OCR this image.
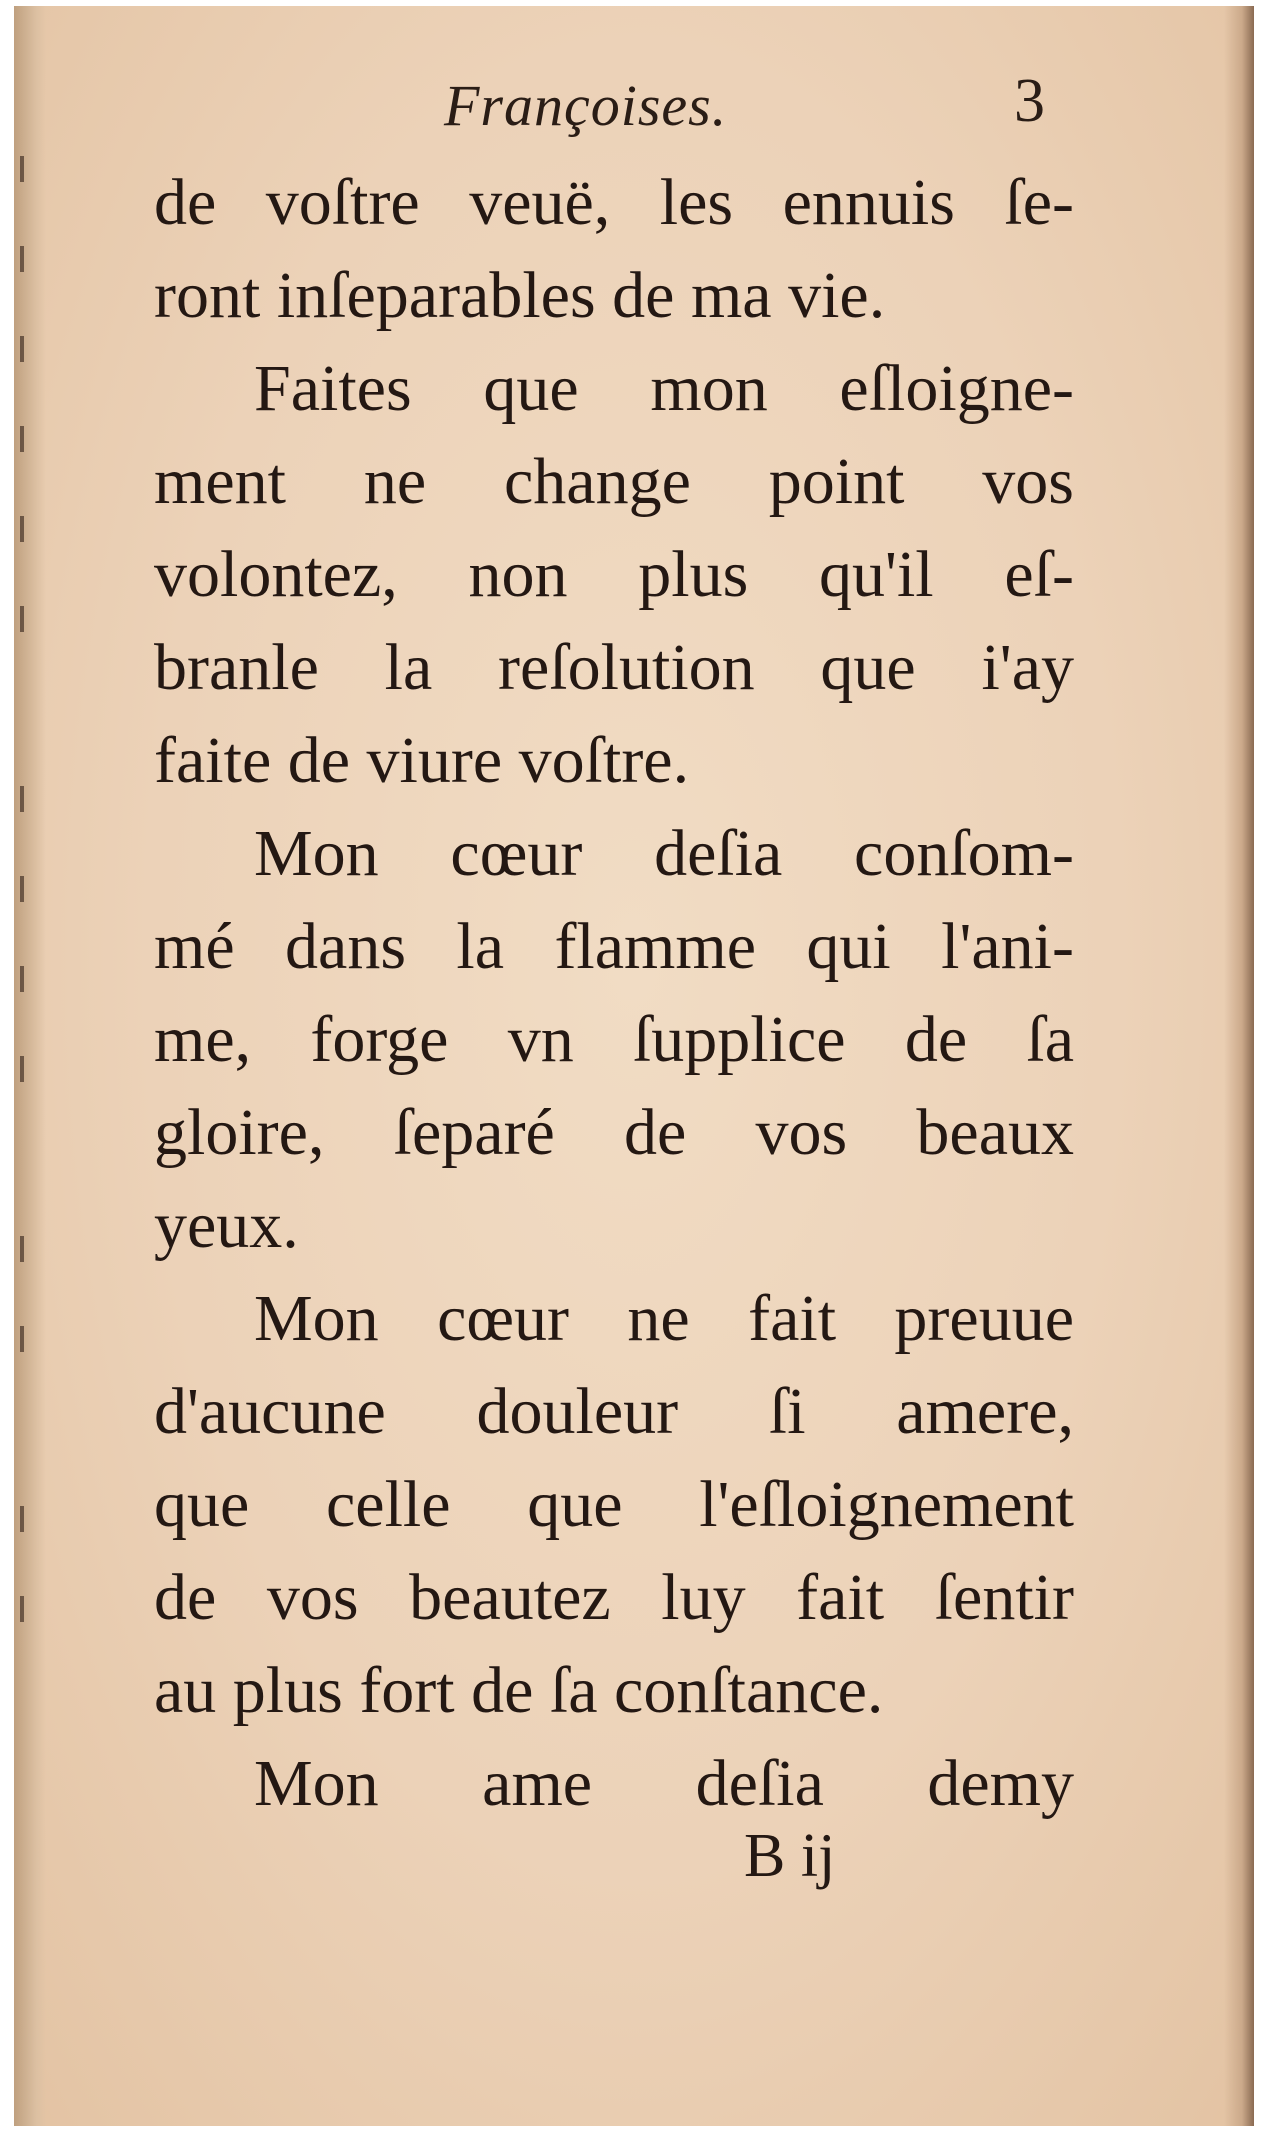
Françoises.	3
de voſtre veuë, les ennuis ſe-
ront inſeparables de ma vie.
Faites que mon eſloigne-
ment ne change point vos
volontez, non plus qu'il eſ-
branle la reſolution que i'ay
faite de viure voſtre.
Mon cœur deſia conſom-
mé dans la flamme qui l'ani-
me, forge vn ſupplice de ſa
gloire, ſeparé de vos beaux
yeux.
Mon cœur ne fait preuue
d'aucune douleur ſi amere,
que celle que l'eſloignement
de vos beautez luy fait ſentir
au plus fort de ſa conſtance.
Mon ame deſia demy
B ij
